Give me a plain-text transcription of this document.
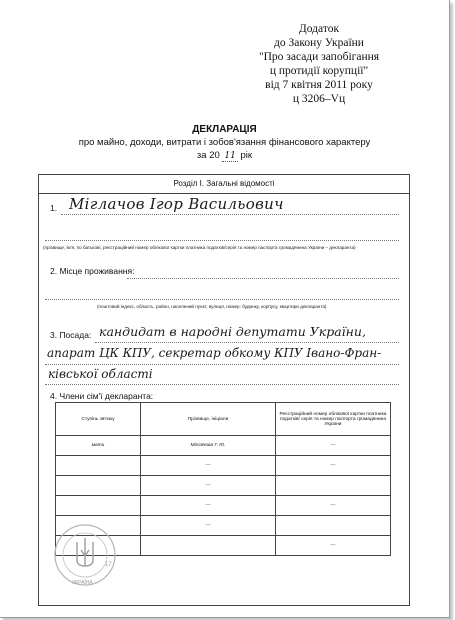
Додаток
до Закону України
"Про засади запобігання
ц протидії корупції"
від 7 квітня 2011 року
ц 3206–Vц
ДЕКЛАРАЦІЯ
про майно, доходи, витрати і зобов'язання фінансового характеру
за 20 11 рік
Розділ І. Загальні відомості
1. Міглачов Ігор Васильович
(прізвище, ім'я, по батькові, реєстраційний номер облікової картки платника податків/серія та номер паспорта громадянина України – декларанта)
2. Місце проживання:
(поштовий індекс, область, район, населений пункт, вулиця, номер: будинку, корпусу, квартири декларанта)
3. Посада: кандидат в народні депутати України,
апарат ЦК КПУ, секретар обкому КПУ Івано-Фран-
ківської області
4. Члени сім'ї декларанта:
Ступінь зв'язку	Прізвище, ініціали	Реєстраційний номер облікової картки платника податків/ серія та номер паспорта громадянина України
мати	Міглачова Г. Ю.	—
	—	—
	—	
	—	—
	—	
		—
УКРАЇНА
17
